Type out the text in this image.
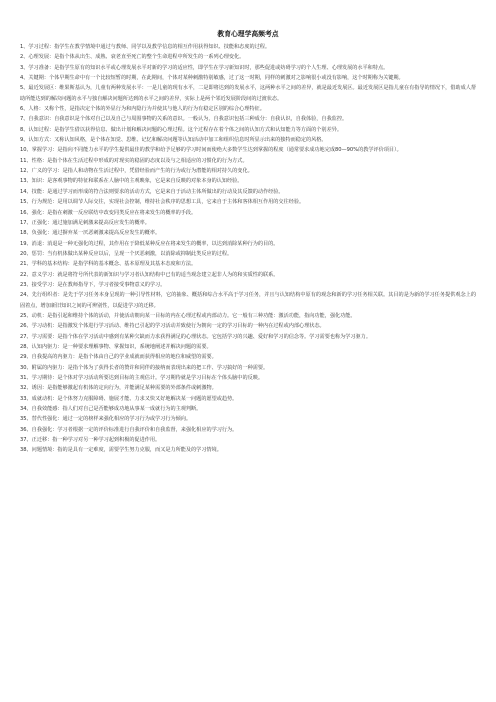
教育心理学高频考点

1、学习过程：指学生在教学情境中通过与教师、同学以及教学信息的相互作用获得知识、技能和态度的过程。

2、心理发展：是指个体从出生、成熟、衰老直至死亡的整个生命进程中所发生的一系列心理变化。

3、学习准备：是指学生原有的知识水平或心理发展水平对新的学习的适应性，即学生在学习新知识时，那些促进或妨碍学习的个人生理、心理发展的水平和特点。

4、关键期：个体早期生命中有一个比较短暂的时期，在此期间，个体对某种刺激特别敏感，过了这一时期，同样的刺激对之影响很小或没有影响，这个时期称为关键期。

5、最近发展区：维果斯基认为，儿童有两种发展水平：一是儿童的现有水平，二是即将达到的发展水平，这两种水平之间的差异，就是最近发展区。最近发展区是指儿童在有指导的情况下，借助成人帮助所能达到的解决问题的水平与独自解决问题所达到的水平之间的差异，实际上是两个邻近发展阶段间的过渡状态。

6、人格：又称个性，是指决定个体的外显行为和内隐行为并使其与他人的行为有稳定区别的综合心理特征。

7、自我意识：自我意识是个体对自己以及自己与周围事物的关系的意识。一般认为，自我意识包括三种成分：自我认识，自我体验，自我监控。

8、认知过程：是指学生借以获得信息、做出计划和解决问题的心理过程。这个过程存在着个体之间的认知方式和认知能力等方面的个别差异。

9、认知方式：又称认知风格，是个体在知觉、思维、记忆和解决问题等认知活动中加工和组织信息时所显示出来的独特而稳定的风格。

10、掌握学习：是指向不同能力水平的学生提供最佳的教学和给予足够的学习时间而使绝大多数学生达到掌握的程度（通常要求成功地完成80—90%的教学评价项目）。

11、性格：是指个体在生活过程中形成的对现实的稳固的态度以及与之相适应的习惯化的行为方式。

12、广义的学习：是指人和动物在生活过程中，凭借经验而产生的行为或行为潜能的相对持久的变化。

13、知识：是客观事物的特征和联系在人脑中的主观映象，它是来自反映的对象本身的认知经验。

14、技能：是通过学习而形成的符合法则要求的活动方式，它是来自于活动主体所做出的行动及其反馈的动作经验。

15、行为规范：是用以调节人际交往，实现社会控制，维持社会秩序的思想工具，它来自于主体和客体相互作用的交往经验。

16、强化：是指在刺激一反应联结中改变同类反应在将来发生的概率的手段。

17、正强化：通过施加满足刺激来提高反应发生的概率。

18、负强化：通过摒弃某一厌恶刺激来提高反应发生的概率。

19、消退：消退是一种无强化的过程，其作用在于降低某种反应在将来发生的概率，以达到消除某种行为的目的。

20、惩罚：当有机体做出某种反应以后，呈现一个厌恶刺激，以消除或抑制此类反应的过程。

21、学科的基本结构：是指学科的基本概念、基本原理及其基本态度和方法。

22、意义学习：就是将符号所代表的新知识与学习者认知结构中已有的适当观念建立起非人为的和实质性的联系。

23、接受学习：是在教师指导下，学习者接受事物意义的学习。

24、先行组织者：是先于学习任务本身呈现的一种引导性材料，它的抽象、概括和综合水平高于学习任务，并且与认知结构中原有的观念和新的学习任务相关联。其目的是为新的学习任务提供观念上的固着点，增加新旧知识之间的可辨别性，以促进学习的迁移。

25、动机：是指引起和维持个体的活动，并使活动朝向某一目标的内在心理过程或内部动力。它一般有三种功能：激活功能，指向功能，强化功能。

26、学习动机：是指激发个体进行学习活动、维持已引起的学习活动并致使行为朝向一定的学习目标的一种内在过程或内部心理状态。

27、学习需要：是指个体在学习活动中感到有某种欠缺而力求获得满足的心理状态。它包括学习的兴趣、爱好和学习的信念等。学习需要也称为学习驱力。

28、认知内驱力：是一种要求理解事物、掌握知识，系统地阐述并解决问题的需要。

29、自我提高的内驱力：是指个体由自己的学业成就而获得相应的地位和威望的需要。

30、附属的内驱力：是指个体为了获得长者的赞许和同伴的接纳而表现出来的把工作、学习搞好的一种需要。

31、学习期待：是个体对学习活动所要达到目标的主观估计。学习期待就是学习目标在个体头脑中的反映。

32、诱因：是指能够激起有机体的定向行为，并能满足某种需要的外部条件或刺激物。

33、成就动机：是个体努力克服障碍、施展才能、力求又快又好地解决某一问题的愿望或趋势。

34、自我效能感：指人们对自己是否能够成功地从事某一成就行为的主观判断。

35、替代性强化：通过一定的榜样来强化相应的学习行为或学习行为倾向。

36、自我强化：学习者根据一定的评价标准进行自我评价和自我监督，来强化相应的学习行为。

37、正迁移：指一种学习对另一种学习起到积极的促进作用。

38、问题情境：指的是具有一定难度，需要学生努力克服，而又是力所能及的学习情境。
